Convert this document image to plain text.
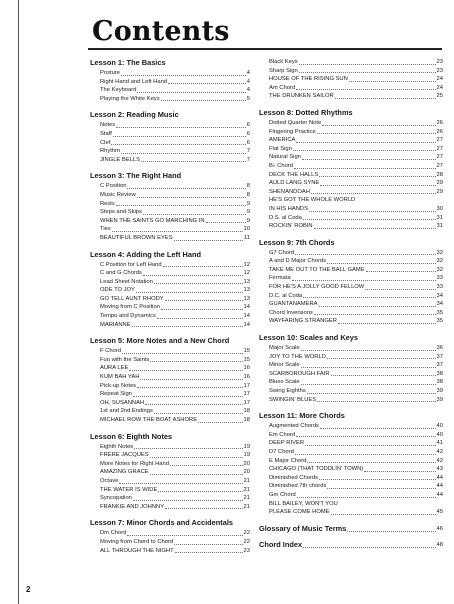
Contents
Lesson 1: The Basics
Posture	4
Right Hand and Left Hand	4
The Keyboard	4
Playing the White Keys	5
Lesson 2: Reading Music
Notes	6
Staff	6
Clef	6
Rhythm	7
JINGLE BELLS	7
Lesson 3: The Right Hand
C Position	8
Music Review	8
Rests	9
Steps and Skips	9
WHEN THE SAINTS GO MARCHING IN	9
Ties	10
BEAUTIFUL BROWN EYES	11
Lesson 4: Adding the Left Hand
C Position for Left Hand	12
C and G Chords	12
Lead Sheet Notation	13
ODE TO JOY	13
GO TELL AUNT RHODY	13
Moving from C Position	14
Tempo and Dynamics	14
MARIANNE	14
Lesson 5: More Notes and a New Chord
F Chord	15
Fun with the Saints	15
AURA LEE	16
KUM BAH YAH	16
Pick-up Notes	17
Repeat Sign	17
OH, SUSANNAH	17
1st and 2nd Endings	18
MICHAEL ROW THE BOAT ASHORE	18
Lesson 6: Eighth Notes
Eighth Notes	19
FRÈRE JACQUES	19
More Notes for Right Hand	20
AMAZING GRACE	20
Octave	21
THE WATER IS WIDE	21
Syncopation	21
FRANKIE AND JOHNNY	21
Lesson 7: Minor Chords and Accidentals
Dm Chord	22
Moving from Chord to Chord	22
ALL THROUGH THE NIGHT	23
Black Keys	23
Sharp Sign	23
HOUSE OF THE RISING SUN	24
Am Chord	24
THE DRUNKEN SAILOR	25
Lesson 8: Dotted Rhythms
Dotted Quarter Note	26
Fingering Practice	26
AMERICA	27
Flat Sign	27
Natural Sign	27
B♭ Chord	27
DECK THE HALLS	28
AULD LANG SYNE	29
SHENANDOAH	29
HE'S GOT THE WHOLE WORLD
IN HIS HANDS	30
D.S. al Coda	31
ROCKIN' ROBIN	31
Lesson 9: 7th Chords
G7 Chord	32
A and D Major Chords	32
TAKE ME OUT TO THE BALL GAME	32
Fermata	33
FOR HE'S A JOLLY GOOD FELLOW	33
D.C. al Coda	34
GUANTANAMERA	34
Chord Inversions	35
WAYFARING STRANGER	35
Lesson 10: Scales and Keys
Major Scale	36
JOY TO THE WORLD	37
Minor Scale	37
SCARBOROUGH FAIR	38
Blues Scale	38
Swing Eighths	39
SWINGIN' BLUES	39
Lesson 11: More Chords
Augmented Chords	40
Em Chord	40
DEEP RIVER	41
D7 Chord	42
E Major Chord	42
CHICAGO (THAT TODDLIN' TOWN)	43
Diminished Chords	44
Diminished 7th chords	44
Gm Chord	44
BILL BAILEY, WON'T YOU
PLEASE COME HOME	45
Glossary of Music Terms	46
Chord Index	48
2
